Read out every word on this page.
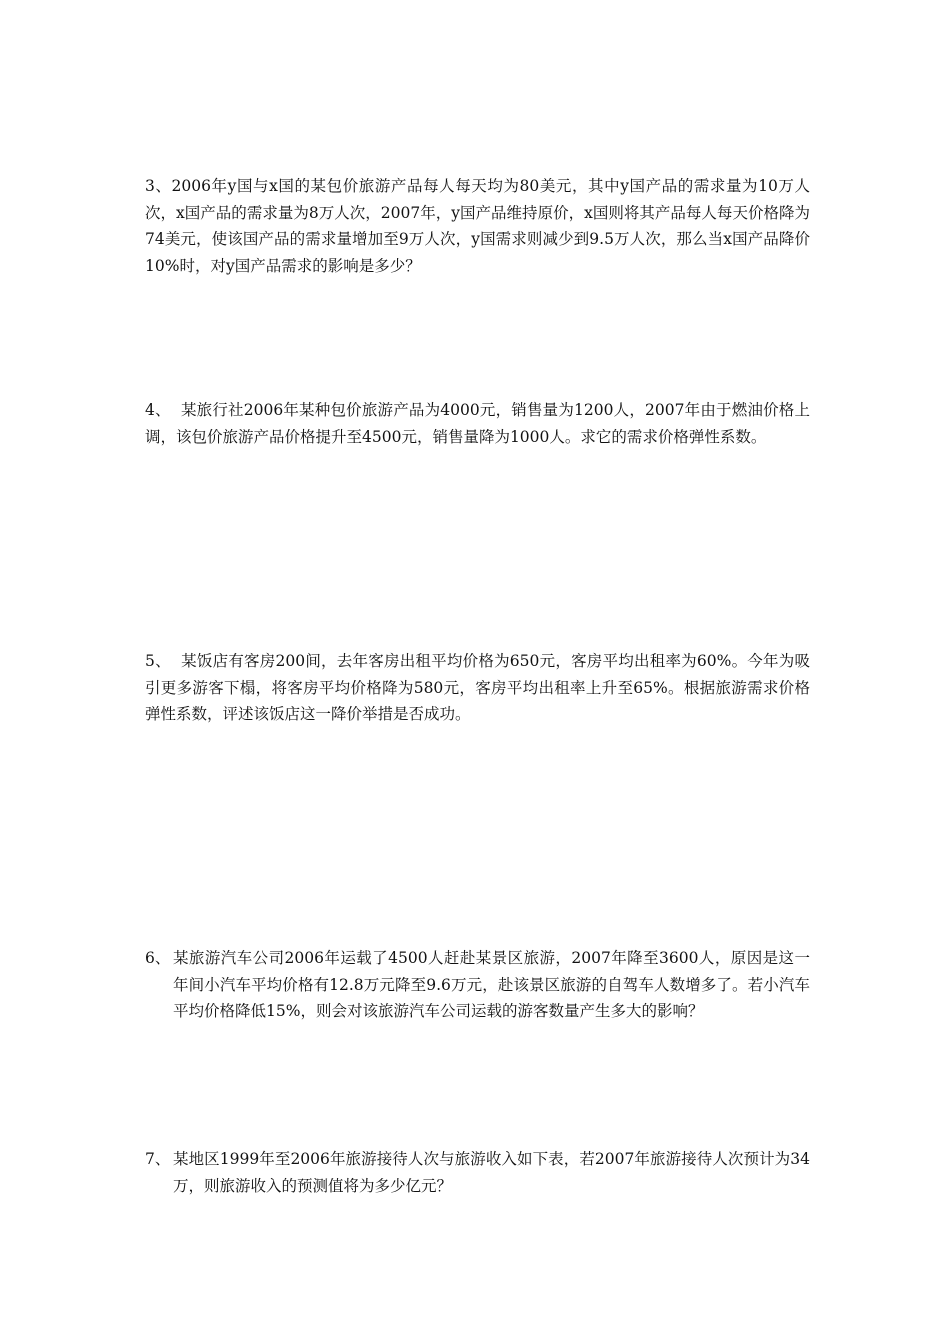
3、2006年y国与x国的某包价旅游产品每人每天均为80美元，其中y国产品的需求量为10万人次，x国产品的需求量为8万人次，2007年，y国产品维持原价，x国则将其产品每人每天价格降为74美元，使该国产品的需求量增加至9万人次，y国需求则减少到9.5万人次，那么当x国产品降价10%时，对y国产品需求的影响是多少？

4、 某旅行社2006年某种包价旅游产品为4000元，销售量为1200人，2007年由于燃油价格上调，该包价旅游产品价格提升至4500元，销售量降为1000人。求它的需求价格弹性系数。

5、 某饭店有客房200间，去年客房出租平均价格为650元，客房平均出租率为60%。今年为吸引更多游客下榻，将客房平均价格降为580元，客房平均出租率上升至65%。根据旅游需求价格弹性系数，评述该饭店这一降价举措是否成功。

6、 某旅游汽车公司2006年运载了4500人赶赴某景区旅游，2007年降至3600人，原因是这一年间小汽车平均价格有12.8万元降至9.6万元，赴该景区旅游的自驾车人数增多了。若小汽车平均价格降低15%，则会对该旅游汽车公司运载的游客数量产生多大的影响？
7、 某地区1999年至2006年旅游接待人次与旅游收入如下表，若2007年旅游接待人次预计为34万，则旅游收入的预测值将为多少亿元？
